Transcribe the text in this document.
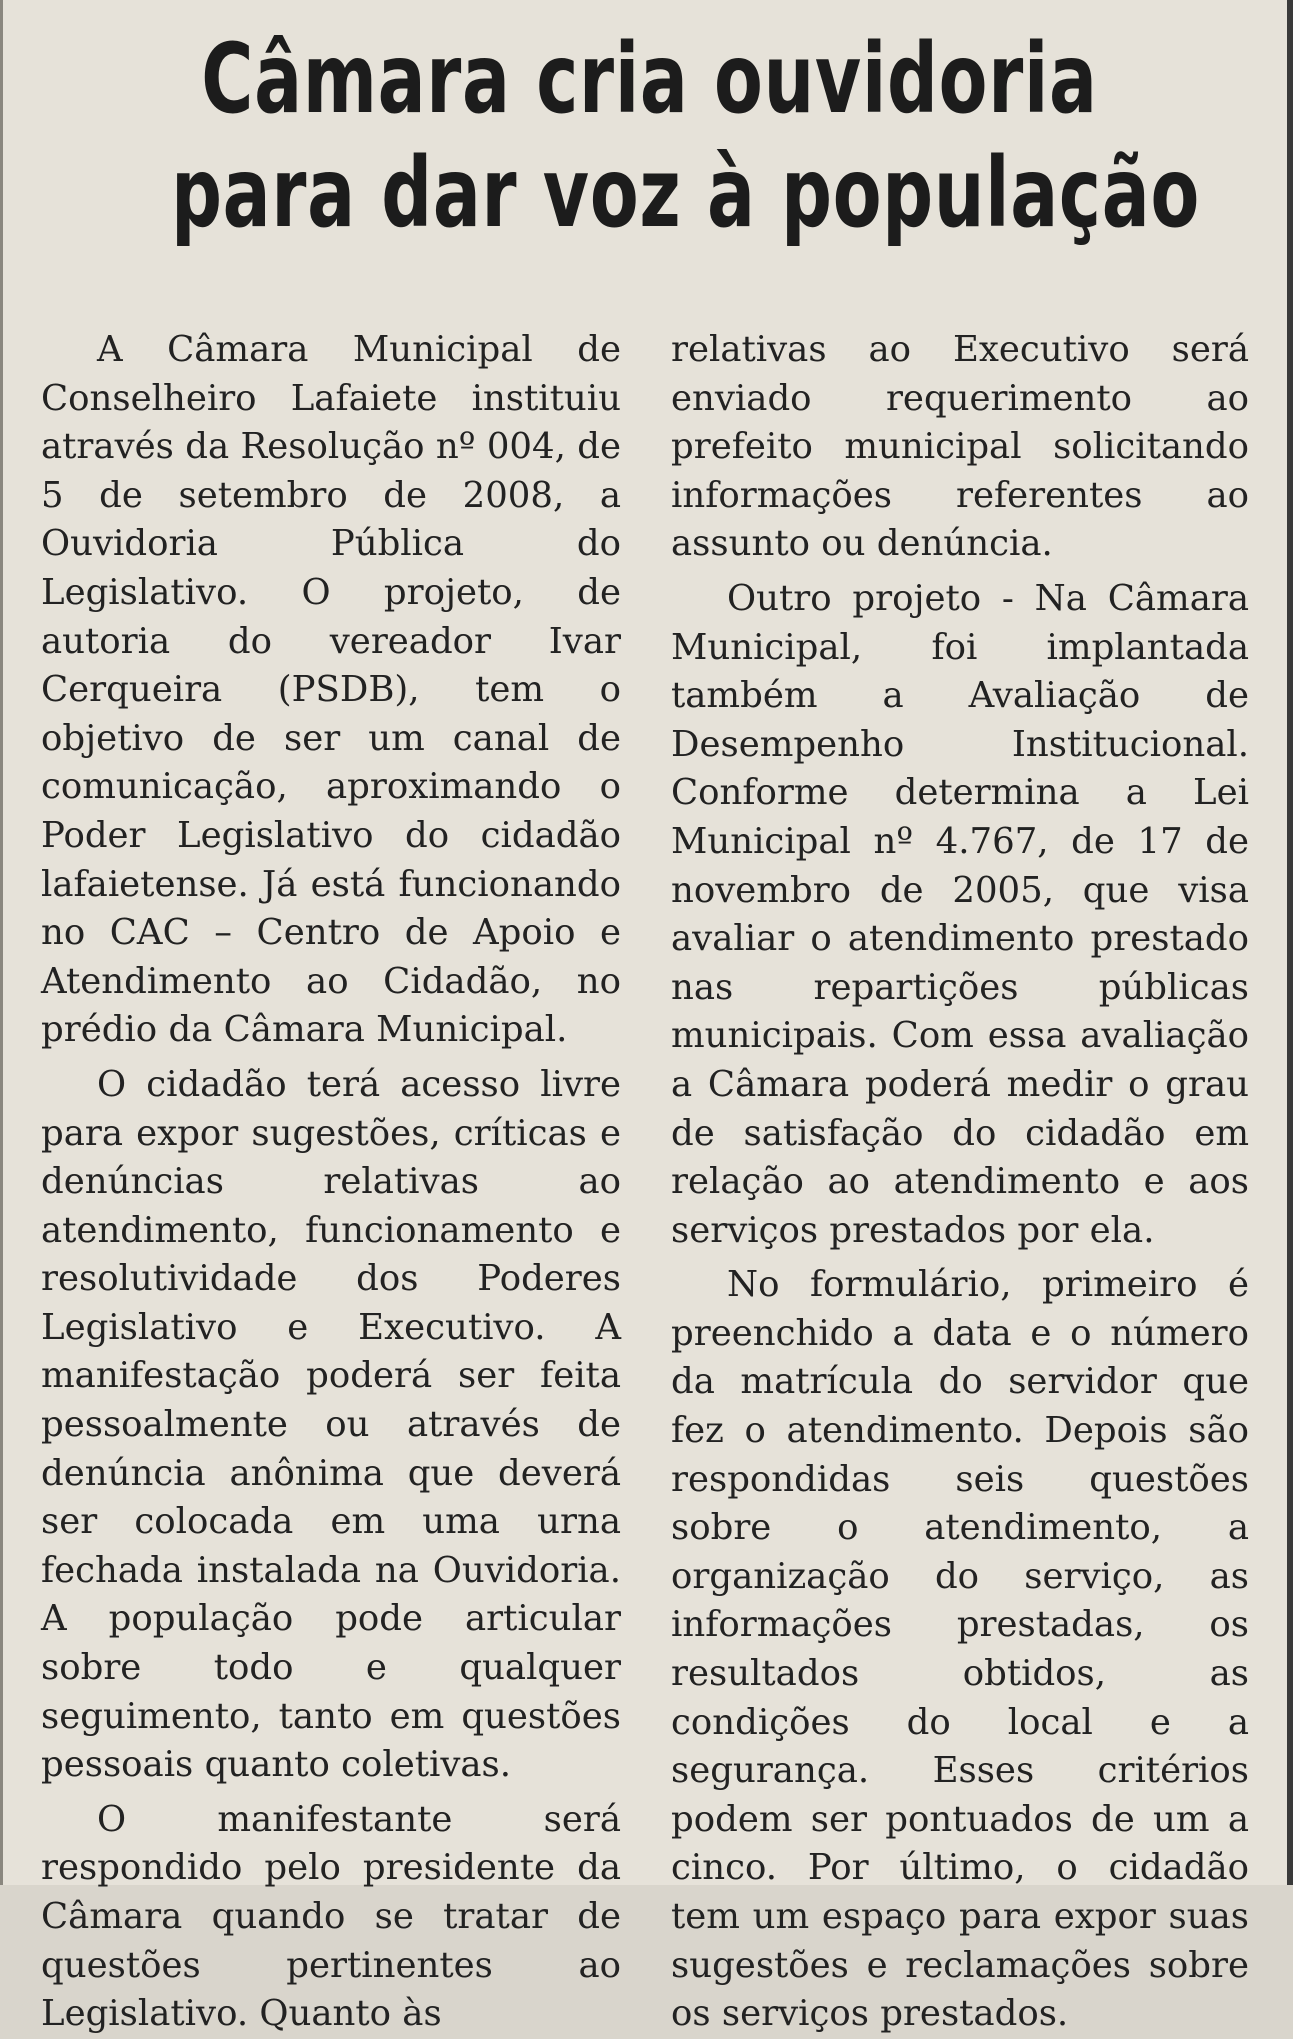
Câmara cria ouvidoria
para dar voz à população

A Câmara Municipal de Conselheiro Lafaiete instituiu através da Resolução nº 004, de 5 de setembro de 2008, a Ouvidoria Pública do Legislativo. O projeto, de autoria do vereador Ivar Cerqueira (PSDB), tem o objetivo de ser um canal de comunicação, aproximando o Poder Legislativo do cidadão lafaietense. Já está funcionando no CAC – Centro de Apoio e Atendimento ao Cidadão, no prédio da Câmara Municipal.

O cidadão terá acesso livre para expor sugestões, críticas e denúncias relativas ao atendimento, funcionamento e resolutividade dos Poderes Legislativo e Executivo. A manifestação poderá ser feita pessoalmente ou através de denúncia anônima que deverá ser colocada em uma urna fechada instalada na Ouvidoria. A população pode articular sobre todo e qualquer seguimento, tanto em questões pessoais quanto coletivas.

O manifestante será respondido pelo presidente da Câmara quando se tratar de questões pertinentes ao Legislativo. Quanto às

relativas ao Executivo será enviado requerimento ao prefeito municipal solicitando informações referentes ao assunto ou denúncia.

Outro projeto - Na Câmara Municipal, foi implantada também a Avaliação de Desempenho Institucional. Conforme determina a Lei Municipal nº 4.767, de 17 de novembro de 2005, que visa avaliar o atendimento prestado nas repartições públicas municipais. Com essa avaliação a Câmara poderá medir o grau de satisfação do cidadão em relação ao atendimento e aos serviços prestados por ela.

No formulário, primeiro é preenchido a data e o número da matrícula do servidor que fez o atendimento. Depois são respondidas seis questões sobre o atendimento, a organização do serviço, as informações prestadas, os resultados obtidos, as condições do local e a segurança. Esses critérios podem ser pontuados de um a cinco. Por último, o cidadão tem um espaço para expor suas sugestões e reclamações sobre os serviços prestados.
